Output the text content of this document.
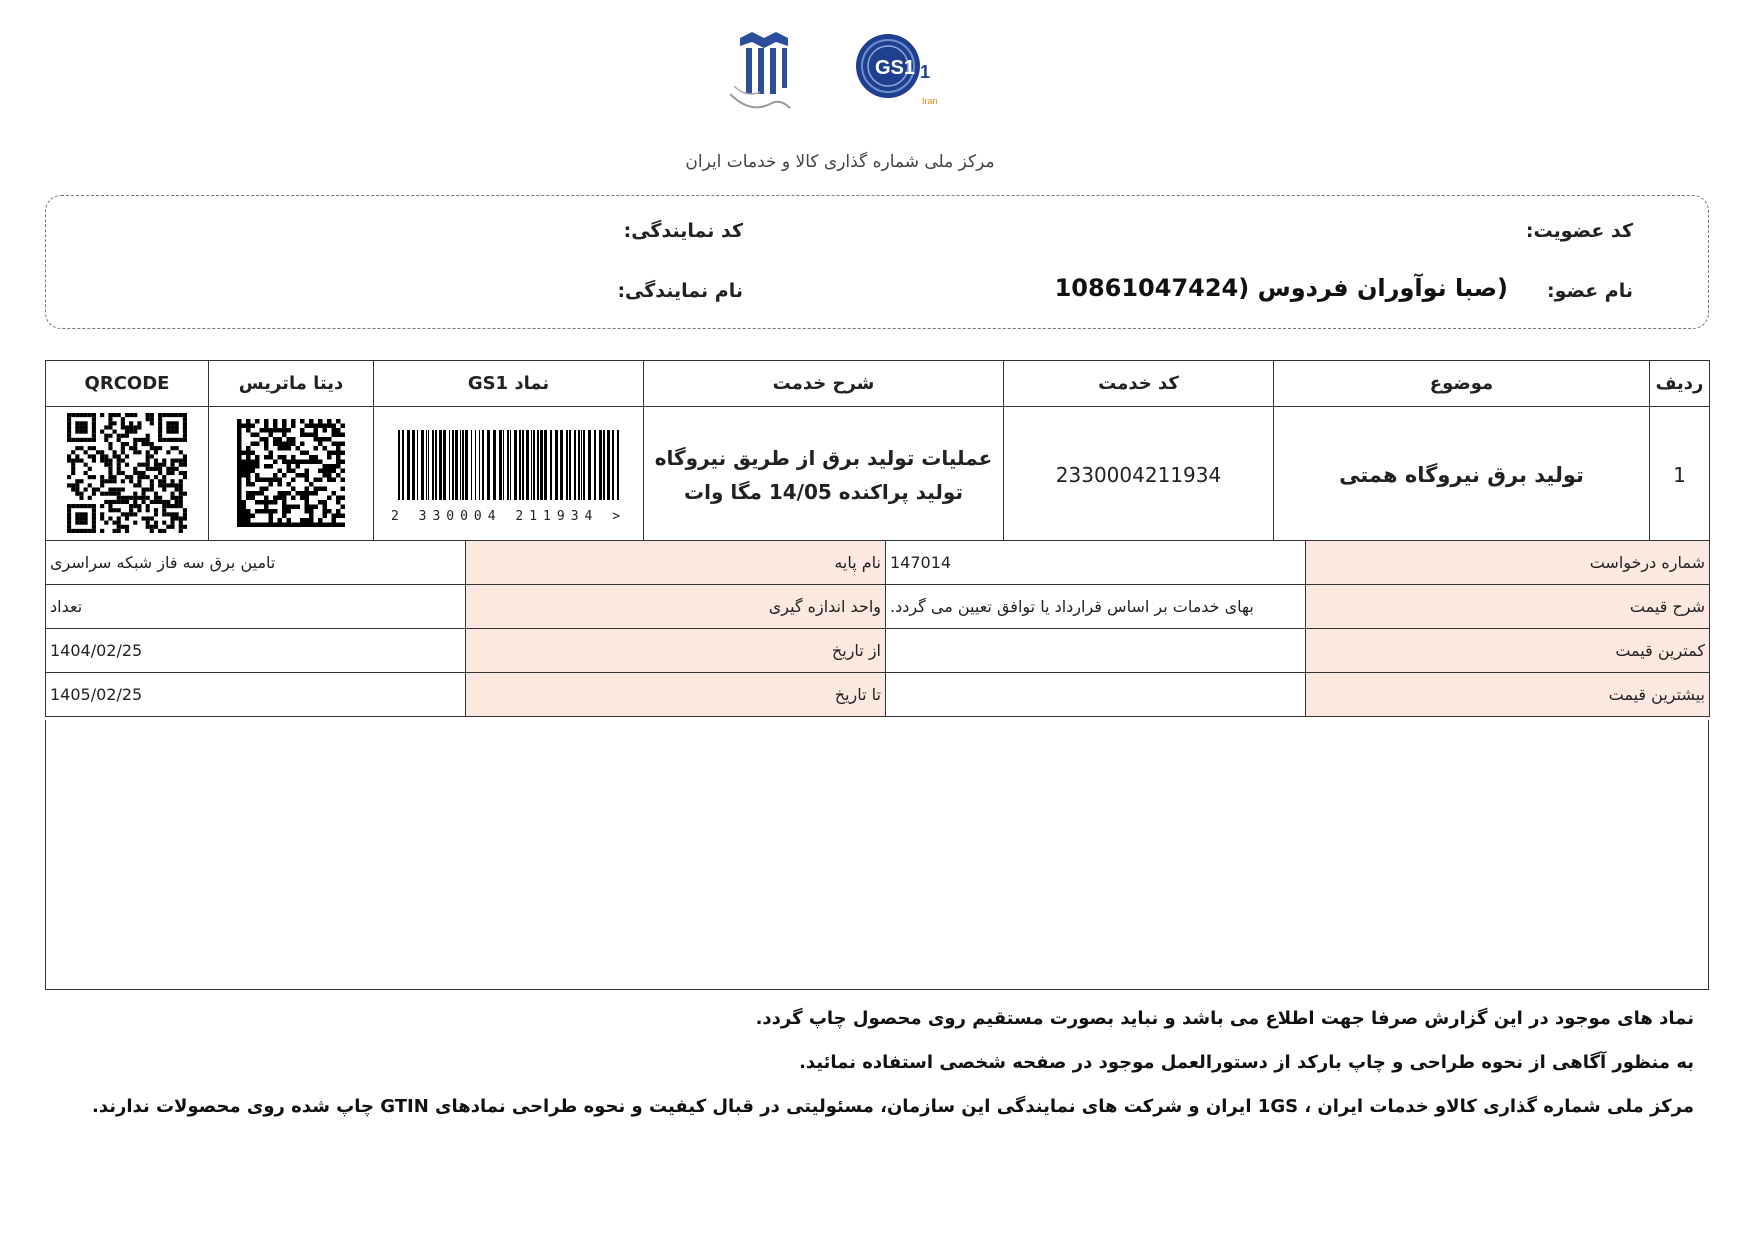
GS1 1
Iran
مرکز ملی شماره گذاری کالا و خدمات ایران
کد عضویت:
نام عضو:
(صبا نوآوران فردوس (10861047424
کد نمایندگی:
نام نمایندگی:
ردیف	موضوع	کد خدمت	شرح خدمت	نماد GS1	دیتا ماتریس	QRCODE
1	تولید برق نیروگاه همتی	2330004211934	عملیات تولید برق از طریق نیروگاه
تولید پراکنده 14/05 مگا وات	2 330004 211934 >

شماره درخواست	147014	نام پایه	تامین برق سه فاز شبکه سراسری
شرح قیمت	بهای خدمات بر اساس قرارداد یا توافق تعیین می گردد.	واحد اندازه گیری	تعداد
کمترین قیمت		از تاریخ	1404/02/25
بیشترین قیمت		تا تاریخ	1405/02/25
نماد های موجود در این گزارش صرفا جهت اطلاع می باشد و نباید بصورت مستقیم روی محصول چاپ گردد.
به منظور آگاهی از نحوه طراحی و چاپ بارکد از دستورالعمل موجود در صفحه شخصی استفاده نمائید.
مرکز ملی شماره گذاری کالاو خدمات ایران ، 1GS ایران و شرکت های نمایندگی این سازمان، مسئولیتی در قبال کیفیت و نحوه طراحی نمادهای GTIN چاپ شده روی محصولات ندارند.
